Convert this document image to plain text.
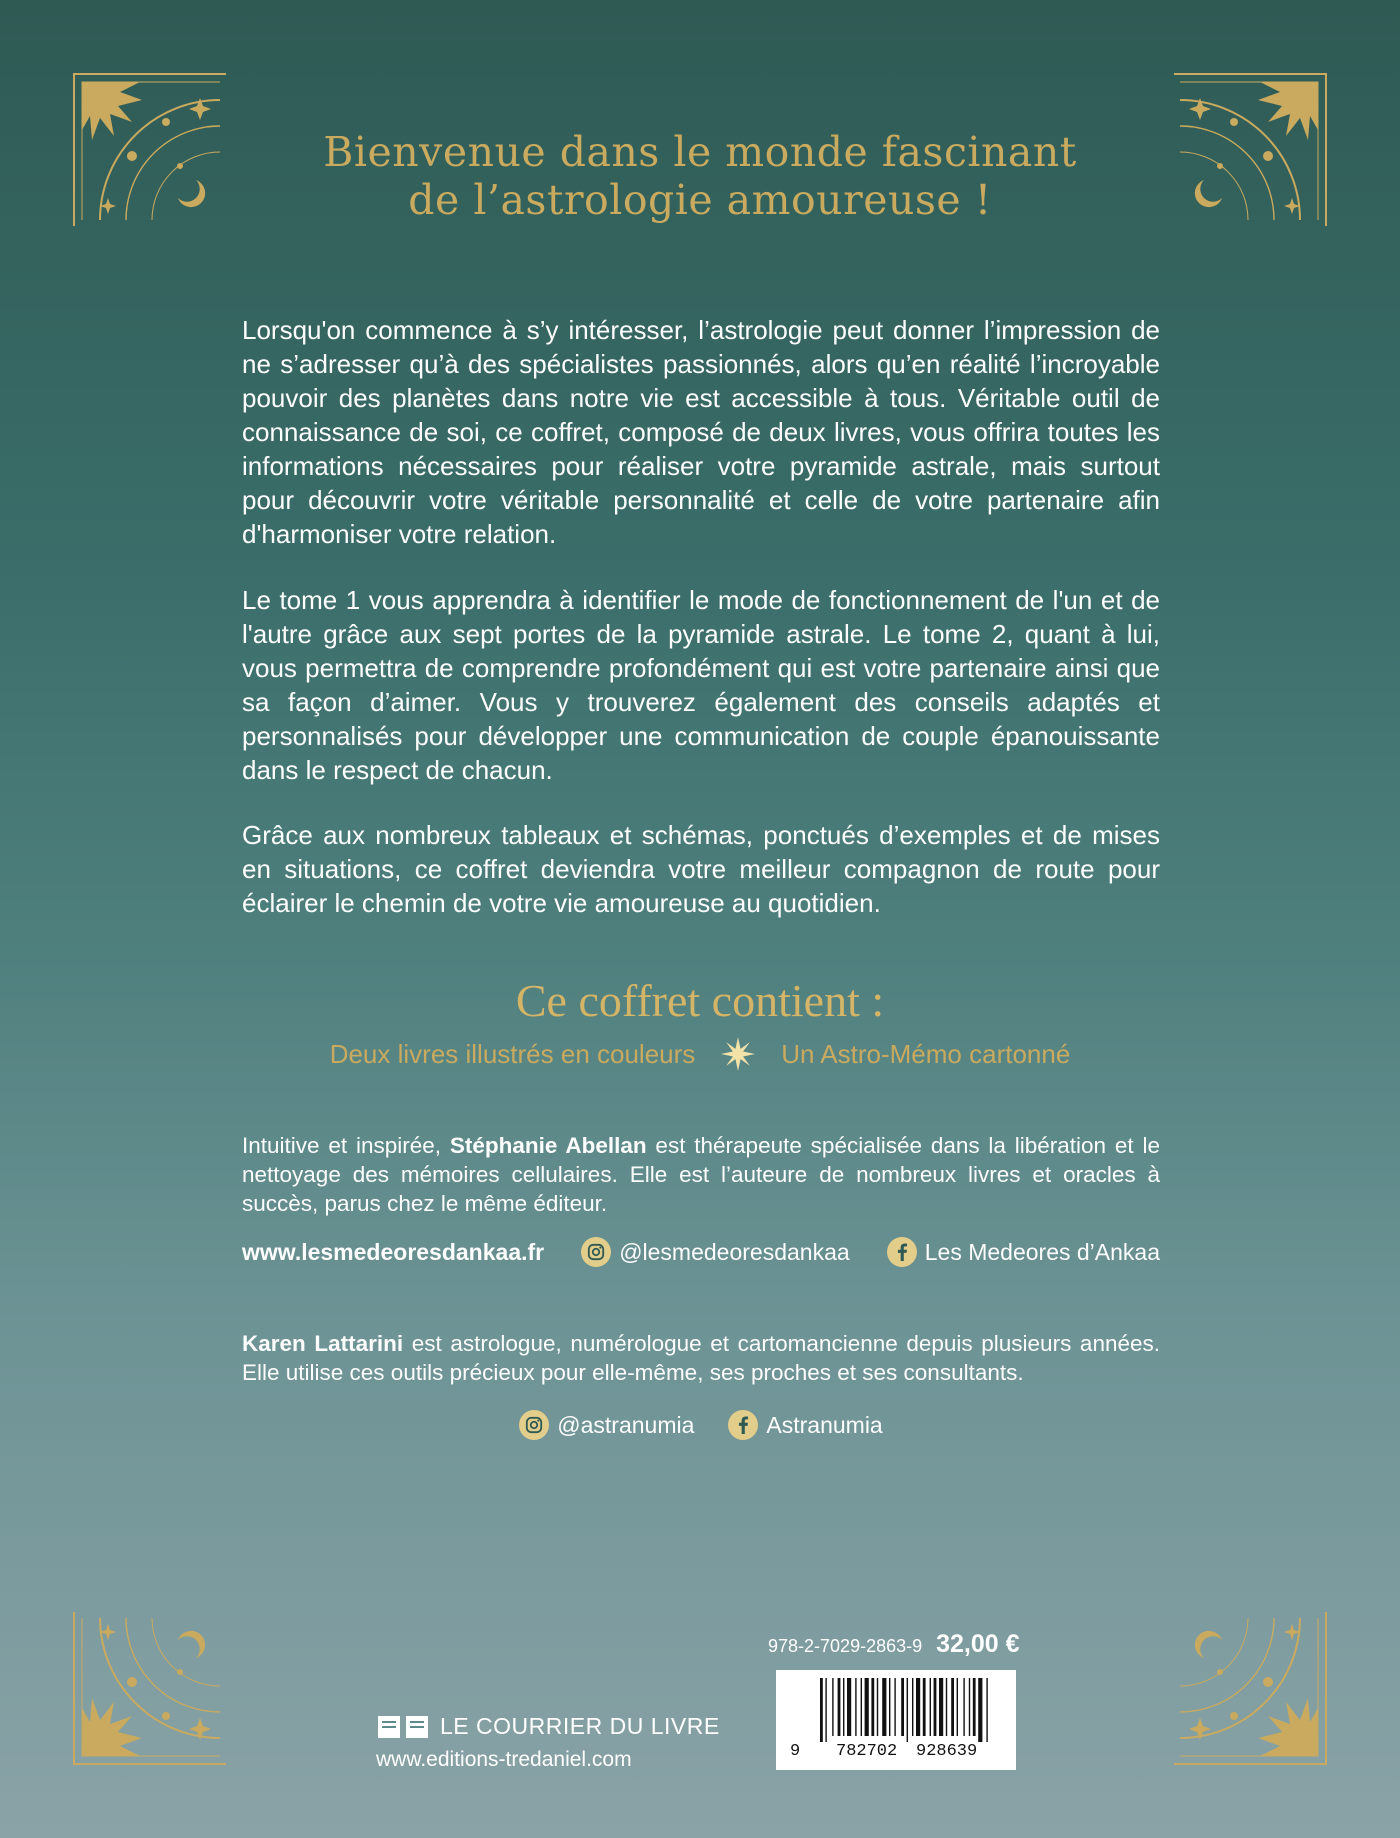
Bienvenue dans le monde fascinant
de l’astrologie amoureuse !

Lorsqu'on commence à s’y intéresser, l’astrologie peut donner l’impression de ne s’adresser qu’à des spécialistes passionnés, alors qu’en réalité l’incroyable pouvoir des planètes dans notre vie est accessible à tous. Véritable outil de connaissance de soi, ce coffret, composé de deux livres, vous offrira toutes les informations nécessaires pour réaliser votre pyramide astrale, mais surtout pour découvrir votre véritable personnalité et celle de votre partenaire afin d'harmoniser votre relation.

Le tome 1 vous apprendra à identifier le mode de fonctionnement de l'un et de l'autre grâce aux sept portes de la pyramide astrale. Le tome 2, quant à lui, vous permettra de comprendre profondément qui est votre partenaire ainsi que sa façon d’aimer. Vous y trouverez également des conseils adaptés et personnalisés pour développer une communication de couple épanouissante dans le respect de chacun.

Grâce aux nombreux tableaux et schémas, ponctués d’exemples et de mises en situations, ce coffret deviendra votre meilleur compagnon de route pour éclairer le chemin de votre vie amoureuse au quotidien.

Ce coffret contient :
Deux livres illustrés en couleurs	Un Astro-Mémo cartonné

Intuitive et inspirée, Stéphanie Abellan est thérapeute spécialisée dans la libération et le nettoyage des mémoires cellulaires. Elle est l’auteure de nombreux livres et oracles à succès, parus chez le même éditeur.

www.lesmedeoresdankaa.fr	@lesmedeoresdankaa	Les Medeores d’Ankaa

Karen Lattarini est astrologue, numérologue et cartomancienne depuis plusieurs années. Elle utilise ces outils précieux pour elle-même, ses proches et ses consultants.

@astranumia	Astranumia
LE COURRIER DU LIVRE
www.editions-tredaniel.com
978-2-7029-2863-9 32,00 €
9 782702 928639
